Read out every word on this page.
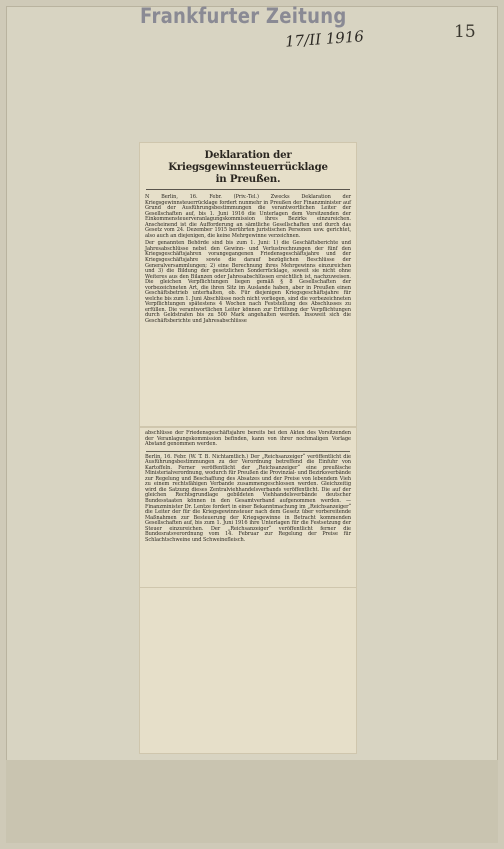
Frankfurter Zeitung
17/II 1916	15
Deklaration der Kriegsgewinnsteuerrücklage
in Preußen.

N Berlin, 16. Febr. (Priv.-Tel.) Zwecks Deklaration der Kriegsgewinnsteuerrücklage fordert nunmehr in Preußen der Finanzminister auf Grund der Ausführungsbestimmungen die verantwortlichen Leiter der Gesellschaften auf, bis 1. Juni 1916 die Unterlagen dem Vorsitzenden der Einkommensteuerveranlagungskommission ihres Bezirks einzureichen. Anscheinend ist die Aufforderung an sämtliche Gesellschaften und durch das Gesetz vom 24. Dezember 1915 berührten juristischen Personen usw. gerichtet, also auch an diejenigen, die keine Mehrgewinne verzeichnen.

Der genannten Behörde sind bis zum 1. Juni: 1) die Geschäftsberichte und Jahresabschlüsse nebst den Gewinn- und Verlustrechnungen der fünf den Kriegsgeschäftsjahren vorangegangenen Friedensgeschäftsjahre und der Kriegsgeschäftsjahre sowie die darauf bezüglichen Beschlüsse der Generalversammlungen; 2) eine Berechnung ihres Mehrgewinns einzureichen und 3) die Bildung der gesetzlichen Sonderrücklage, soweit sie nicht ohne Weiteres aus den Bilanzen oder Jahresabschlüssen ersichtlich ist, nachzuweisen. Die gleichen Verpflichtungen liegen gemäß § 8 Gesellschaften der vorbezeichneten Art, die ihren Sitz im Auslande haben, aber in Preußen einen Geschäftsbetrieb unterhalten, ob. Für diejenigen Kriegsgeschäftsjahre für welche bis zum 1. Juni Abschlüsse noch nicht vorliegen, sind die vorbezeichneten Verpflichtungen spätestens 4 Wochen nach Feststellung des Abschlusses zu erfüllen. Die verantwortlichen Leiter können zur Erfüllung der Verpflichtungen durch Geldstrafen bis zu 500 Mark angehalten werden. Insoweit sich die Geschäftsberichte und Jahresabschlüsse

abschlüsse der Friedensgeschäftsjahre bereits bei den Akten des Vorsitzenden der Veranlagungskommission befinden, kann von ihrer nochmaligen Vorlage Abstand genommen werden.

Berlin, 16. Febr. (W. T. B. Nichtamtlich.) Der „Reichsanzeiger“ veröffentlicht die Ausführungsbestimmungen zu der Verordnung betreffend die Einfuhr von Kartoffeln. Ferner veröffentlicht der „Reichsanzeiger“ eine preußische Ministerialverordnung, wodurch für Preußen die Provinzial- und Bezirksverbände zur Regelung und Beschaffung des Absatzes und der Preise von lebendem Vieh zu einem rechtsfähigen Verbande zusammengeschlossen werden. Gleichzeitig wird die Satzung dieses Zentralviehhandelsverbands veröffentlicht. Die auf der gleichen Rechtsgrundlage gebildeten Viehhandelsverbände deutscher Bundesstaaten können in den Gesamtverband aufgenommen werden. — Finanzminister Dr. Lentze fordert in einer Bekanntmachung im „Reichsanzeiger“ die Leiter der für die Kriegsgewinnsteuer nach dem Gesetz über vorbereitende Maßnahmen zur Besteuerung der Kriegsgewinne in Betracht kommenden Gesellschaften auf, bis zum 1. Juni 1916 ihre Unterlagen für die Festsetzung der Steuer einzureichen. Der „Reichsanzeiger“ veröffentlicht ferner die Bundesratsverordnung vom 14. Februar zur Regelung der Preise für Schlachtschweine und Schweinefleisch.
